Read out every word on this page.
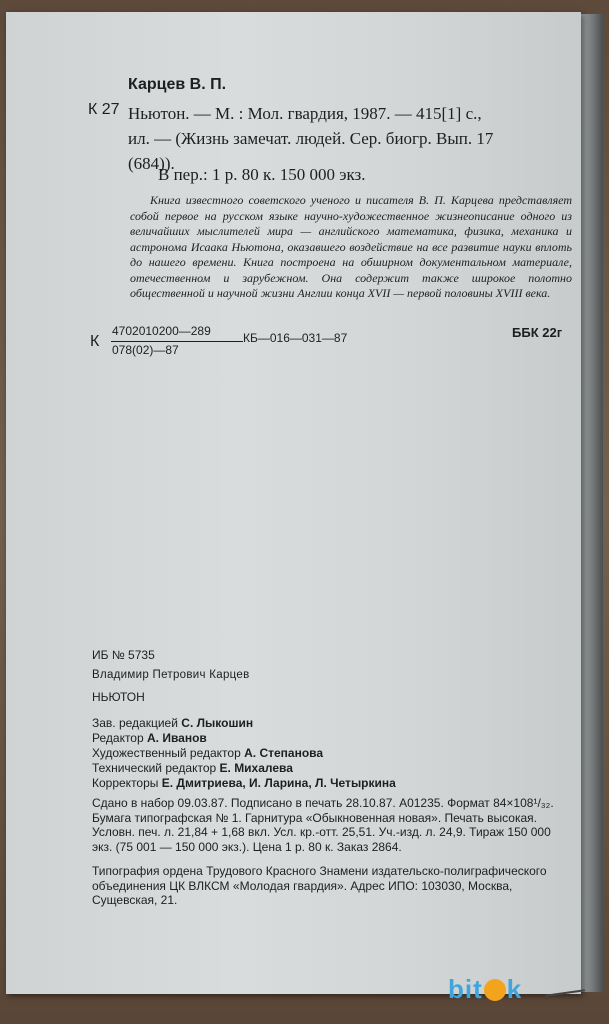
Карцев В. П.
К 27 Ньютон. — М. : Мол. гвардия, 1987. — 415[1] с.,
ил. — (Жизнь замечат. людей. Сер. биогр. Вып. 17
(684)).
В пер.: 1 р. 80 к. 150 000 экз.
Книга известного советского ученого и писателя В. П. Карцева представляет собой первое на русском языке научно-художественное жизнеописание одного из величайших мыслителей мира — английского математика, физика, механика и астронома Исаака Ньютона, оказавшего воздействие на все развитие науки вплоть до нашего времени. Книга построена на обширном документальном материале, отечественном и зарубежном. Она содержит также широкое полотно общественной и научной жизни Англии конца XVII — первой половины XVIII века.
К
4702010200—289
078(02)—87
КБ—016—031—87	ББК 22г
ИБ № 5735
Владимир Петрович Карцев
НЬЮТОН
Зав. редакцией С. Лыкошин
Редактор А. Иванов
Художественный редактор А. Степанова
Технический редактор Е. Михалева
Корректоры Е. Дмитриева, И. Ларина, Л. Четыркина
Сдано в набор 09.03.87. Подписано в печать 28.10.87. А01235. Формат 84×108¹/₃₂. Бумага типографская № 1. Гарнитура «Обыкновенная новая». Печать высокая. Условн. печ. л. 21,84 + 1,68 вкл. Усл. кр.-отт. 25,51. Уч.-изд. л. 24,9. Тираж 150 000 экз. (75 001 — 150 000 экз.). Цена 1 р. 80 к. Заказ 2864.
Типография ордена Трудового Красного Знамени издательско-полиграфического объединения ЦК ВЛКСМ «Молодая гвардия». Адрес ИПО: 103030, Москва, Сущевская, 21.
bit k
